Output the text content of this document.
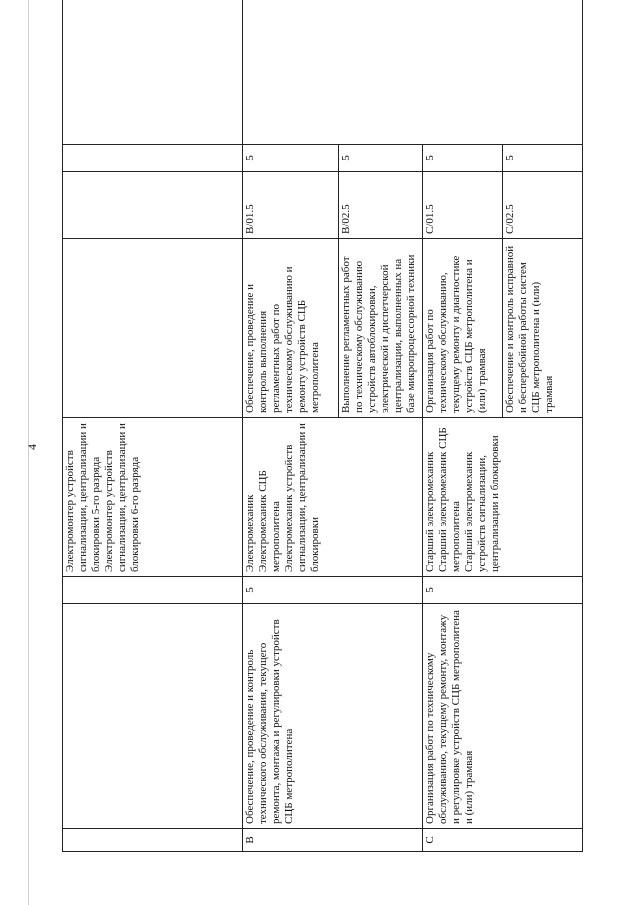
4

			Электромонтер устройств сигнализации, централизации и блокировки 5-го разряда Электромонтер устройств сигнализации, централизации и блокировки 6-го разряда				

B	Обеспечение, проведение и контроль технического обслуживания, текущего ремонта, монтажа и регулировки устройств СЦБ метрополитена	5	Электромеханик Электромеханик СЦБ метрополитена Электромеханик устройств сигнализации, централизации и блокировки	Обеспечение, проведение и контроль выполнения регламентных работ по техническому обслуживанию и ремонту устройств СЦБ метрополитена	B/01.5	5	
				Выполнение регламентных работ по техническому обслуживанию устройств автоблокировки, электрической и диспетчерской централизации, выполненных на базе микропроцессорной техники	B/02.5	5	
C	Организация работ по техническому обслуживанию, текущему ремонту, монтажу и регулировке устройств СЦБ метрополитена и (или) трамвая	5	Старший электромеханик Старший электромеханик СЦБ метрополитена Старший электромеханик устройств сигнализации, централизации и блокировки	Организация работ по техническому обслуживанию, текущему ремонту и диагностике устройств СЦБ метрополитена и (или) трамвая	C/01.5	5	
				Обеспечение и контроль исправной и бесперебойной работы систем СЦБ метрополитена и (или) трамвая	C/02.5	5	
